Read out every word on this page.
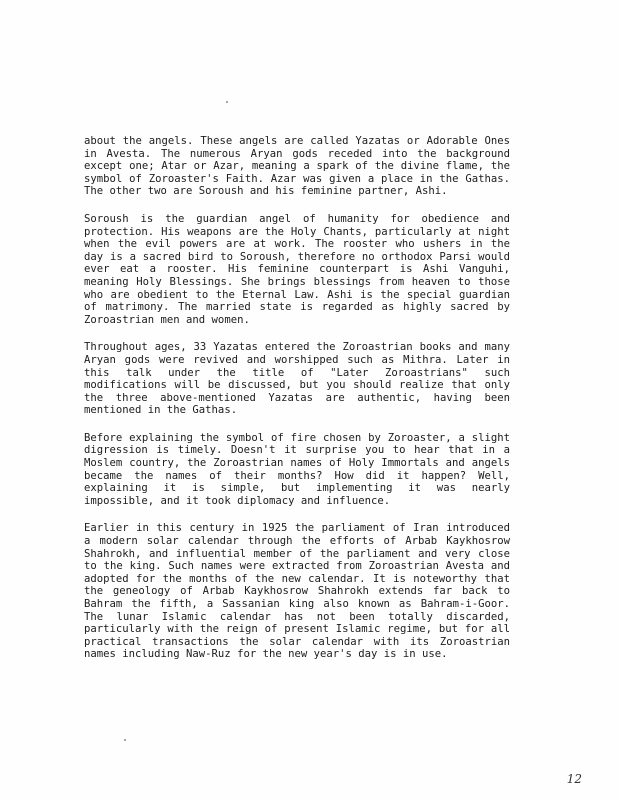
about the angels. These angels are called Yazatas or Adorable Ones in Avesta. The numerous Aryan gods receded into the background except one; Atar or Azar, meaning a spark of the divine flame, the symbol of Zoroaster's Faith. Azar was given a place in the Gathas. The other two are Soroush and his feminine partner, Ashi.

Soroush is the guardian angel of humanity for obedience and protection. His weapons are the Holy Chants, particularly at night when the evil powers are at work. The rooster who ushers in the day is a sacred bird to Soroush, therefore no orthodox Parsi would ever eat a rooster. His feminine counterpart is Ashi Vanguhi, meaning Holy Blessings. She brings blessings from heaven to those who are obedient to the Eternal Law. Ashi is the special guardian of matrimony. The married state is regarded as highly sacred by Zoroastrian men and women.

Throughout ages, 33 Yazatas entered the Zoroastrian books and many Aryan gods were revived and worshipped such as Mithra. Later in this talk under the title of "Later Zoroastrians" such modifications will be discussed, but you should realize that only the three above-mentioned Yazatas are authentic, having been mentioned in the Gathas.

Before explaining the symbol of fire chosen by Zoroaster, a slight digression is timely. Doesn't it surprise you to hear that in a Moslem country, the Zoroastrian names of Holy Immortals and angels became the names of their months? How did it happen? Well, explaining it is simple, but implementing it was nearly impossible, and it took diplomacy and influence.

Earlier in this century in 1925 the parliament of Iran introduced a modern solar calendar through the efforts of Arbab Kaykhosrow Shahrokh, and influential member of the parliament and very close to the king. Such names were extracted from Zoroastrian Avesta and adopted for the months of the new calendar. It is noteworthy that the geneology of Arbab Kaykhosrow Shahrokh extends far back to Bahram the fifth, a Sassanian king also known as Bahram-i-Goor. The lunar Islamic calendar has not been totally discarded, particularly with the reign of present Islamic regime, but for all practical transactions the solar calendar with its Zoroastrian names including Naw-Ruz for the new year's day is in use.

12
